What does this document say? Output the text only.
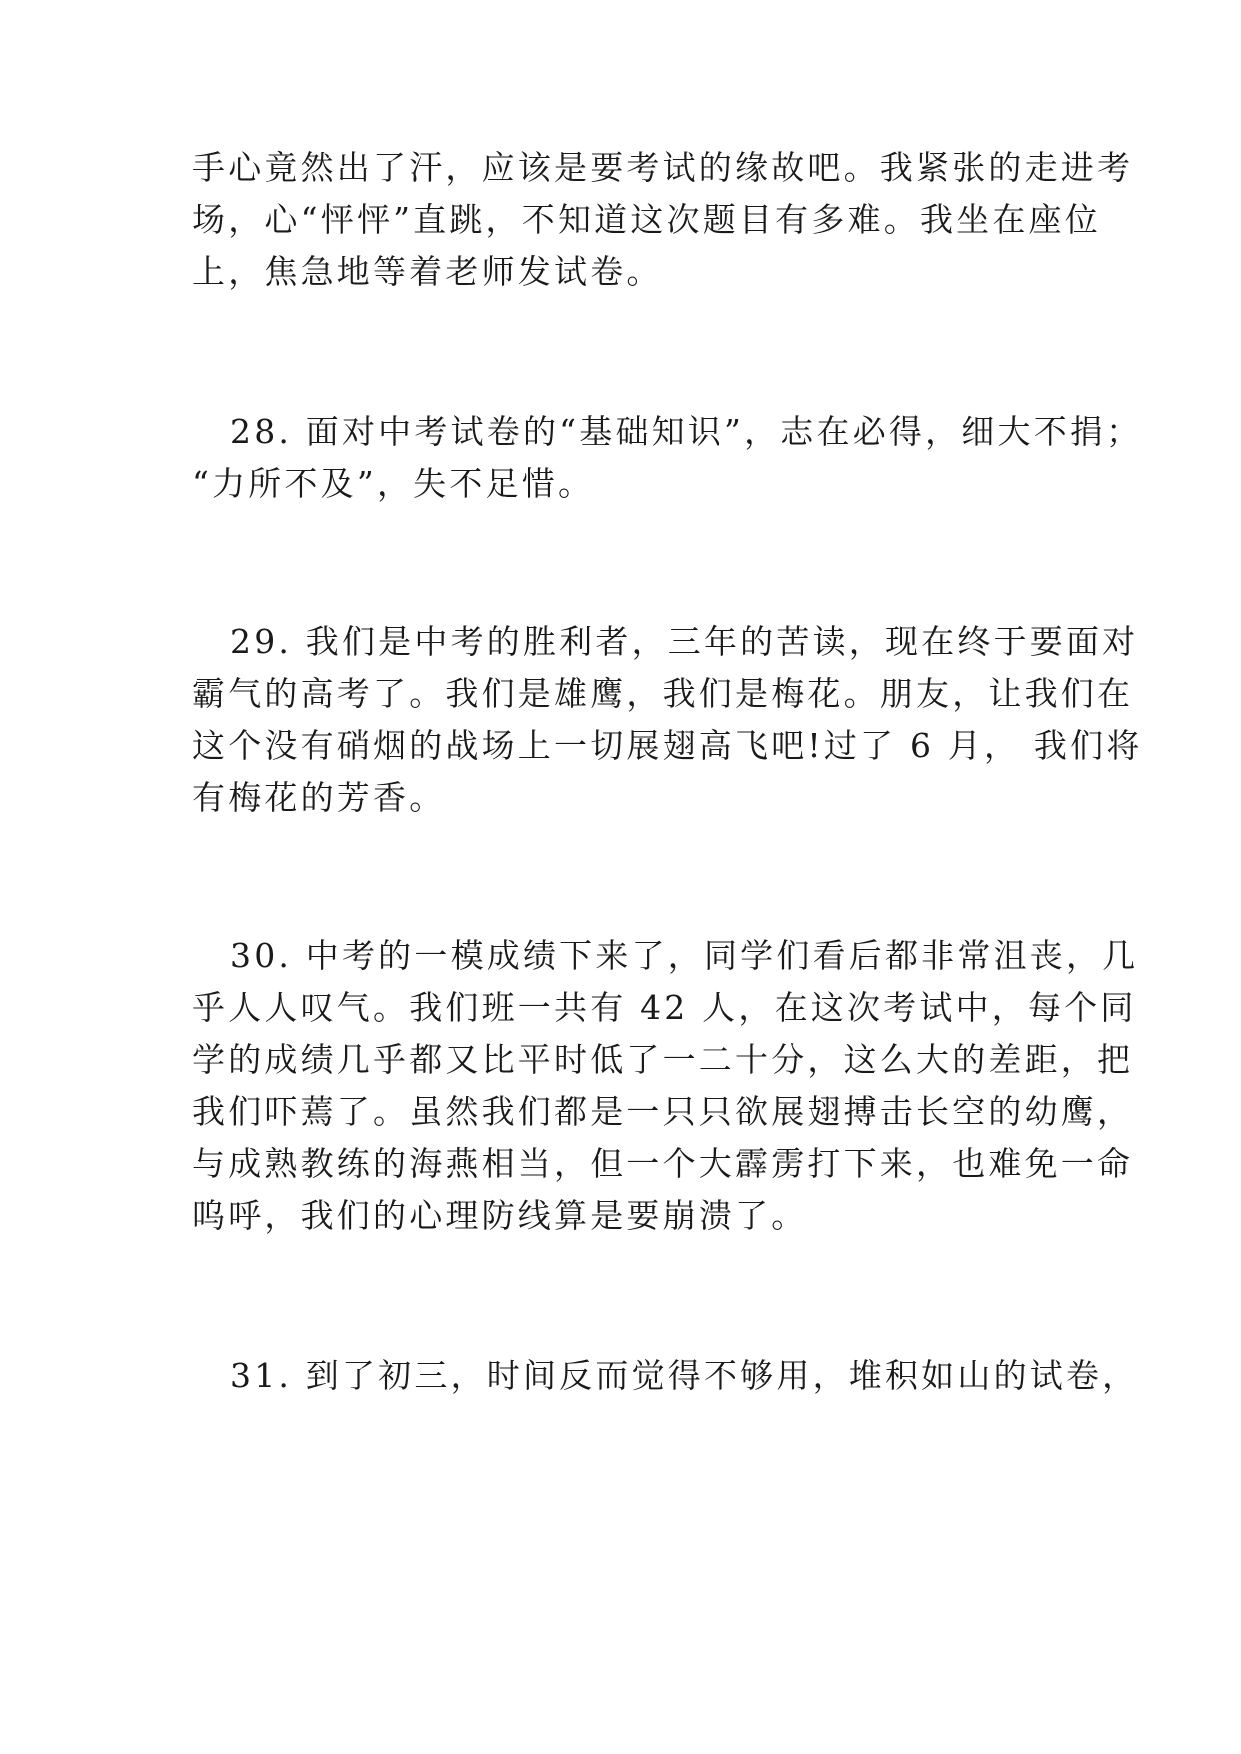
手心竟然出了汗，应该是要考试的缘故吧。我紧张的走进考
场，心“怦怦”直跳，不知道这次题目有多难。我坐在座位
上，焦急地等着老师发试卷。
28. 面对中考试卷的“基础知识”，志在必得，细大不捐；
“力所不及”，失不足惜。
29. 我们是中考的胜利者，三年的苦读，现在终于要面对
霸气的高考了。我们是雄鹰，我们是梅花。朋友，让我们在
这个没有硝烟的战场上一切展翅高飞吧!过了 6 月， 我们将
有梅花的芳香。
30. 中考的一模成绩下来了，同学们看后都非常沮丧，几
乎人人叹气。我们班一共有 42 人，在这次考试中，每个同
学的成绩几乎都又比平时低了一二十分，这么大的差距，把
我们吓蔫了。虽然我们都是一只只欲展翅搏击长空的幼鹰，
与成熟教练的海燕相当，但一个大霹雳打下来，也难免一命
呜呼，我们的心理防线算是要崩溃了。
31. 到了初三，时间反而觉得不够用，堆积如山的试卷，
